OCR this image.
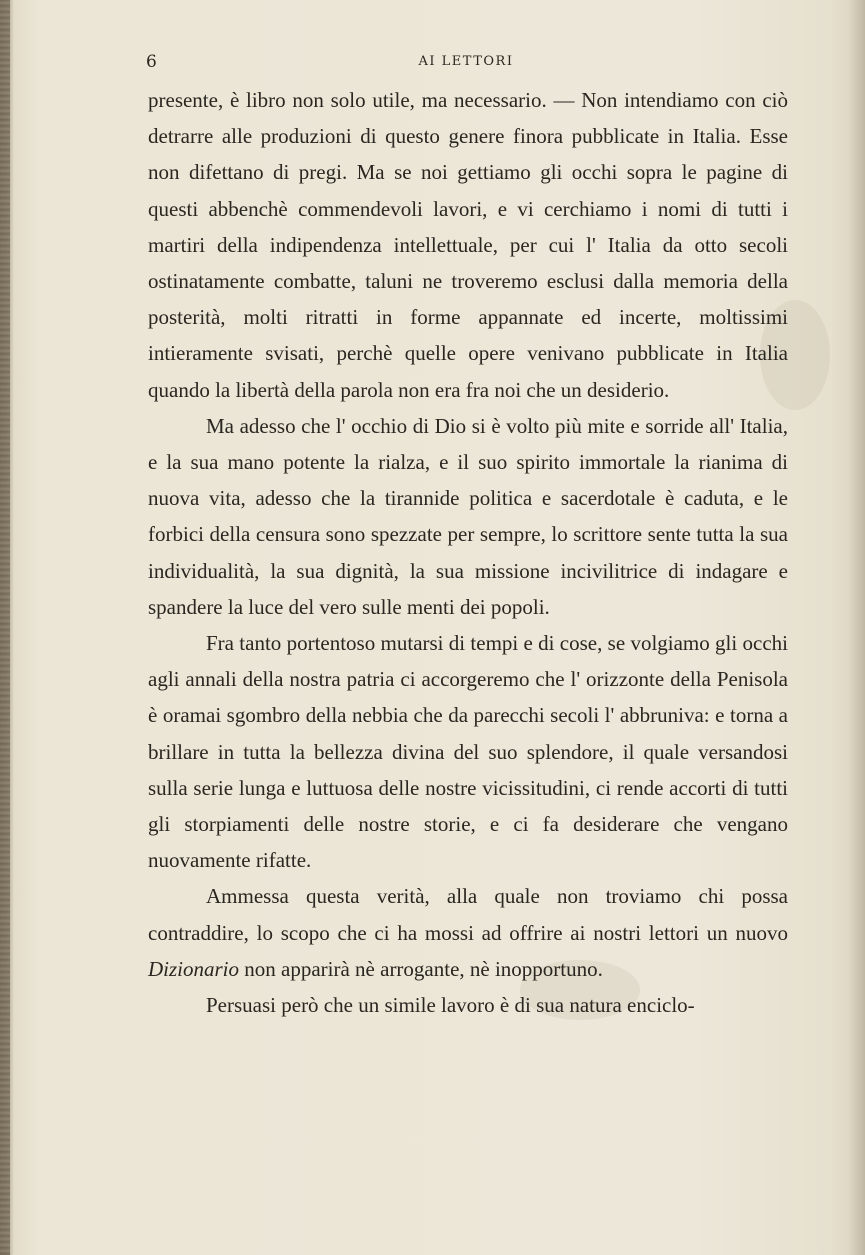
6	AI LETTORI

presente, è libro non solo utile, ma necessario. — Non intendiamo con ciò detrarre alle produzioni di questo genere finora pubblicate in Italia. Esse non difettano di pregi. Ma se noi gettiamo gli occhi sopra le pagine di questi abbenchè commendevoli lavori, e vi cerchiamo i nomi di tutti i martiri della indipendenza intellettuale, per cui l' Italia da otto secoli ostinatamente combatte, taluni ne troveremo esclusi dalla memoria della posterità, molti ritratti in forme appannate ed incerte, moltissimi intieramente svisati, perchè quelle opere venivano pubblicate in Italia quando la libertà della parola non era fra noi che un desiderio.

Ma adesso che l' occhio di Dio si è volto più mite e sorride all' Italia, e la sua mano potente la rialza, e il suo spirito immortale la rianima di nuova vita, adesso che la tirannide politica e sacerdotale è caduta, e le forbici della censura sono spezzate per sempre, lo scrittore sente tutta la sua individualità, la sua dignità, la sua missione incivilitrice di indagare e spandere la luce del vero sulle menti dei popoli.

Fra tanto portentoso mutarsi di tempi e di cose, se volgiamo gli occhi agli annali della nostra patria ci accorgeremo che l' orizzonte della Penisola è oramai sgombro della nebbia che da parecchi secoli l' abbruniva: e torna a brillare in tutta la bellezza divina del suo splendore, il quale versandosi sulla serie lunga e luttuosa delle nostre vicissitudini, ci rende accorti di tutti gli storpiamenti delle nostre storie, e ci fa desiderare che vengano nuovamente rifatte.

Ammessa questa verità, alla quale non troviamo chi possa contraddire, lo scopo che ci ha mossi ad offrire ai nostri lettori un nuovo Dizionario non apparirà nè arrogante, nè inopportuno.

Persuasi però che un simile lavoro è di sua natura enciclo-
